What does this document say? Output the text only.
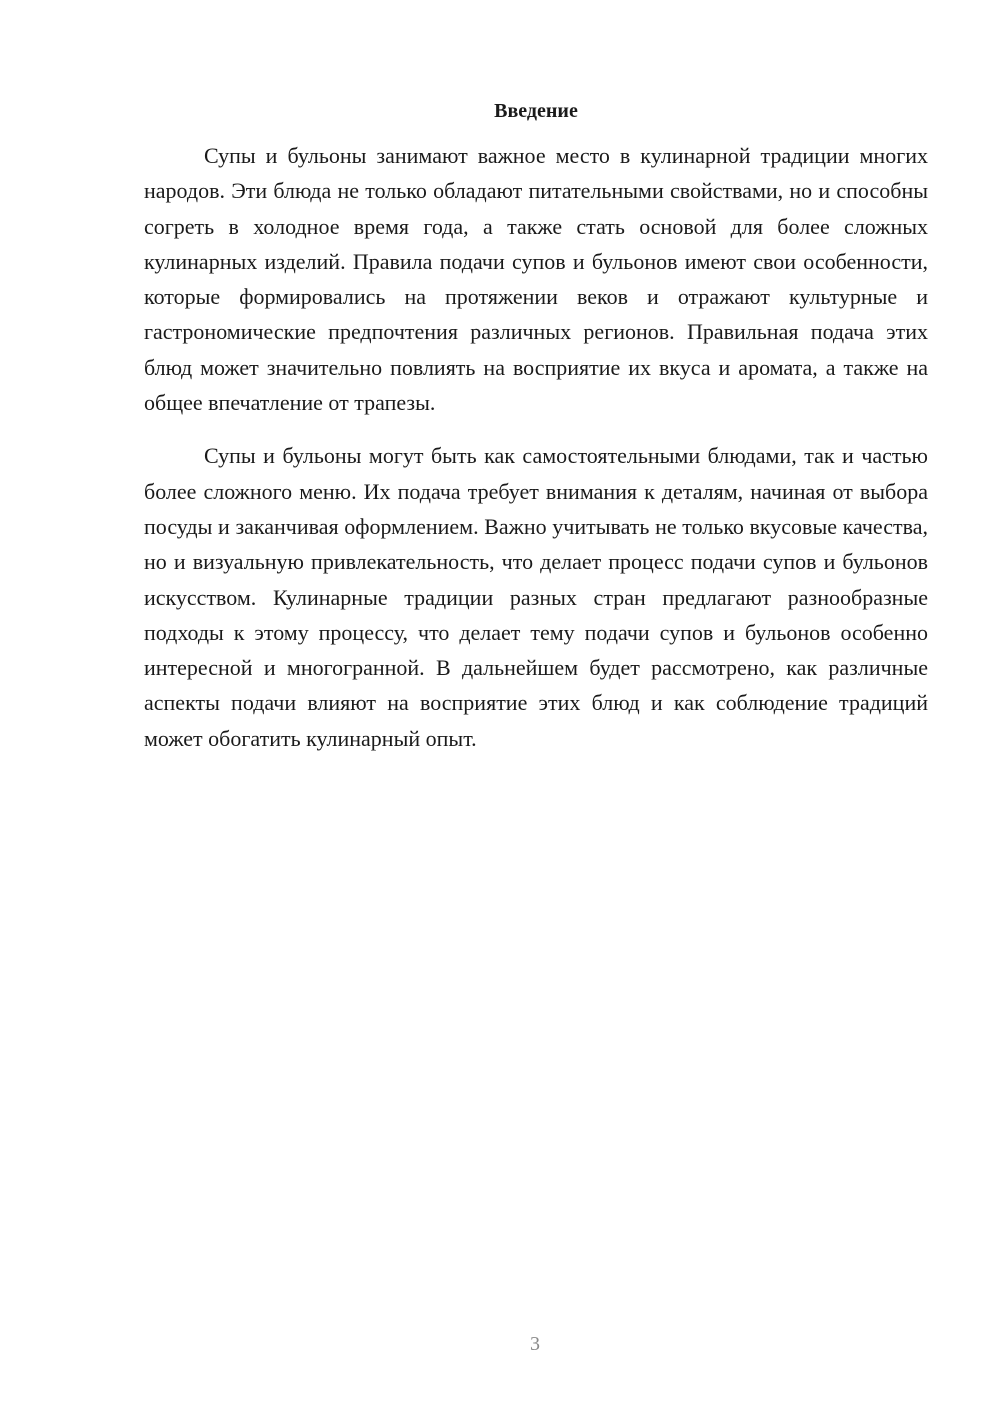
Введение

Супы и бульоны занимают важное место в кулинарной традиции многих народов. Эти блюда не только обладают питательными свойствами, но и способны согреть в холодное время года, а также стать основой для более сложных кулинарных изделий. Правила подачи супов и бульонов имеют свои особенности, которые формировались на протяжении веков и отражают культурные и гастрономические предпочтения различных регионов. Правильная подача этих блюд может значительно повлиять на восприятие их вкуса и аромата, а также на общее впечатление от трапезы.

Супы и бульоны могут быть как самостоятельными блюдами, так и частью более сложного меню. Их подача требует внимания к деталям, начиная от выбора посуды и заканчивая оформлением. Важно учитывать не только вкусовые качества, но и визуальную привлекательность, что делает процесс подачи супов и бульонов искусством. Кулинарные традиции разных стран предлагают разнообразные подходы к этому процессу, что делает тему подачи супов и бульонов особенно интересной и многогранной. В дальнейшем будет рассмотрено, как различные аспекты подачи влияют на восприятие этих блюд и как соблюдение традиций может обогатить кулинарный опыт.

3
